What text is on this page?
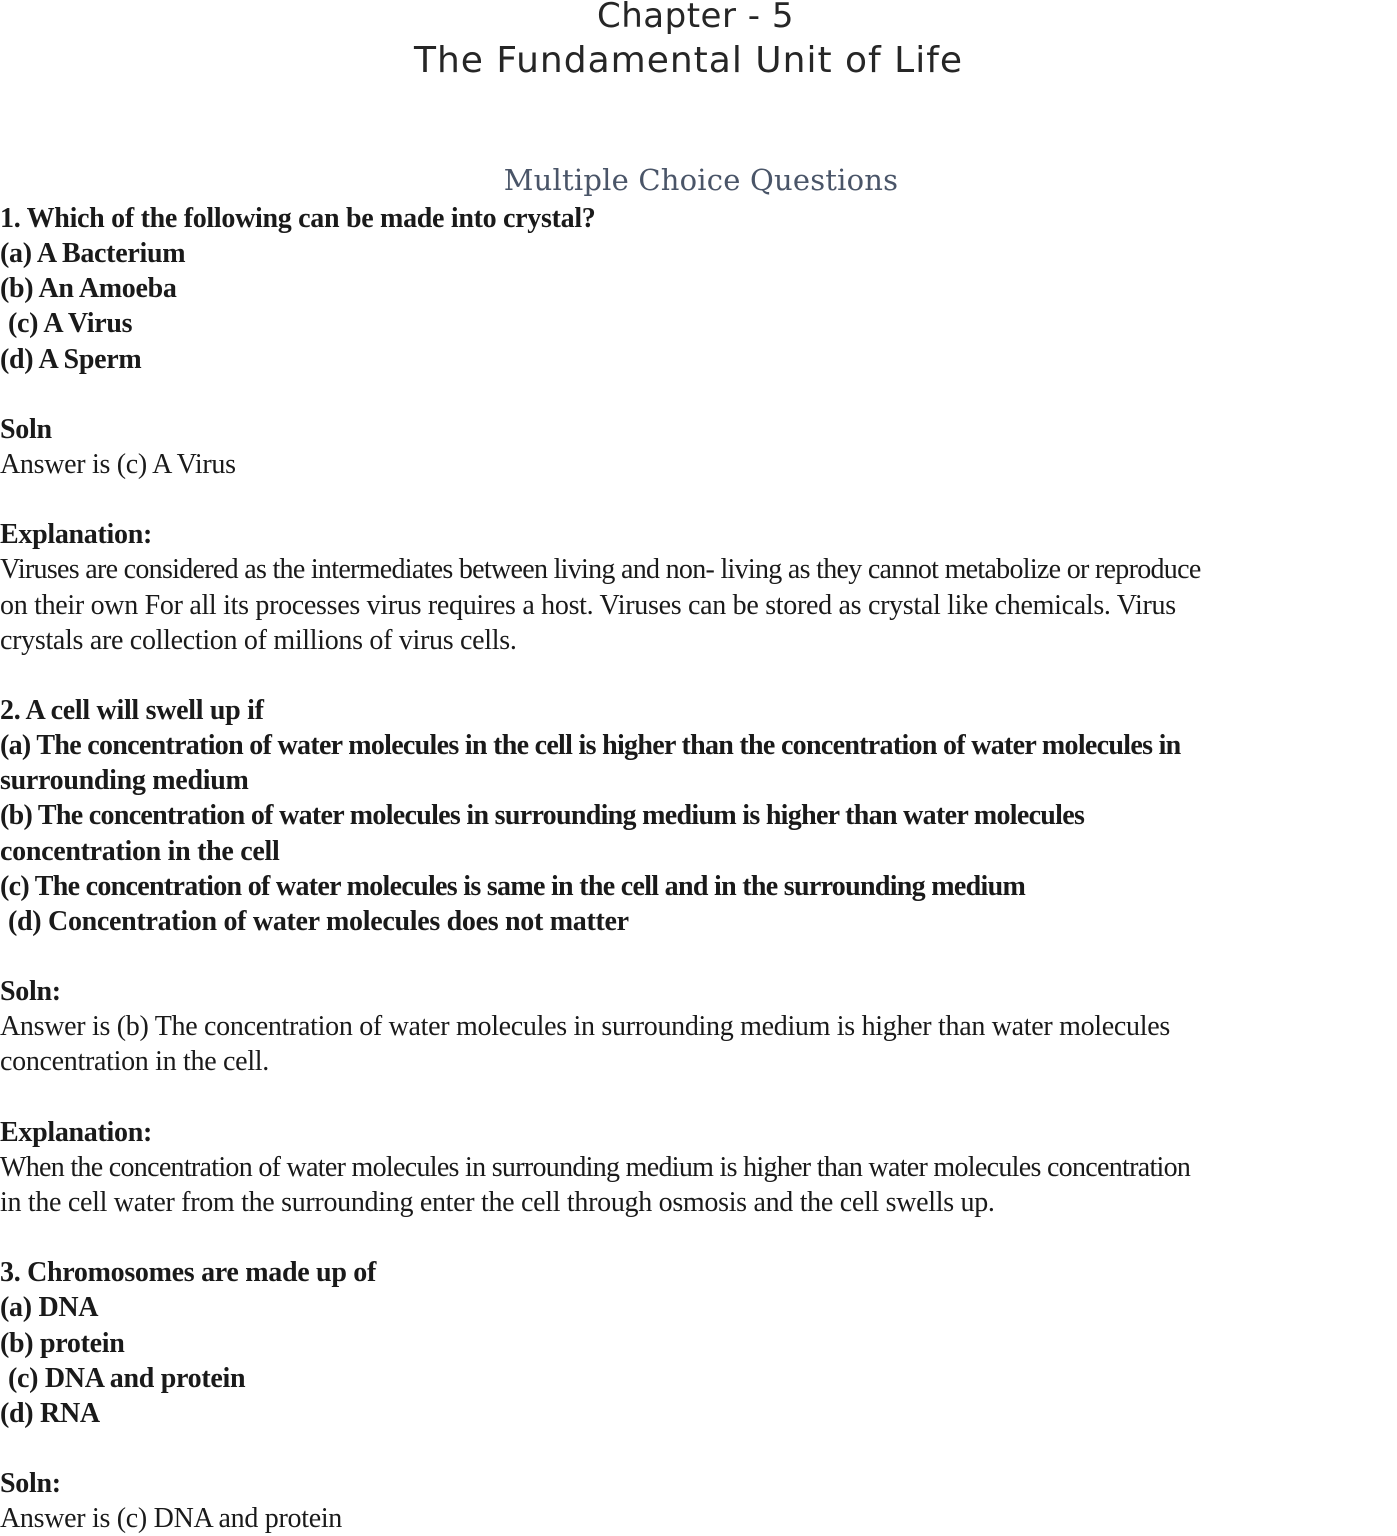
Chapter - 5
The Fundamental Unit of Life
Multiple Choice Questions
1. Which of the following can be made into crystal?
(a) A Bacterium
(b) An Amoeba
(c) A Virus
(d) A Sperm
Soln
Answer is (c) A Virus
Explanation:
Viruses are considered as the intermediates between living and non- living as they cannot metabolize or reproduce
on their own For all its processes virus requires a host. Viruses can be stored as crystal like chemicals. Virus
crystals are collection of millions of virus cells.
2. A cell will swell up if
(a) The concentration of water molecules in the cell is higher than the concentration of water molecules in
surrounding medium
(b) The concentration of water molecules in surrounding medium is higher than water molecules
concentration in the cell
(c) The concentration of water molecules is same in the cell and in the surrounding medium
(d) Concentration of water molecules does not matter
Soln:
Answer is (b) The concentration of water molecules in surrounding medium is higher than water molecules
concentration in the cell.
Explanation:
When the concentration of water molecules in surrounding medium is higher than water molecules concentration
in the cell water from the surrounding enter the cell through osmosis and the cell swells up.
3. Chromosomes are made up of
(a) DNA
(b) protein
(c) DNA and protein
(d) RNA
Soln:
Answer is (c) DNA and protein
